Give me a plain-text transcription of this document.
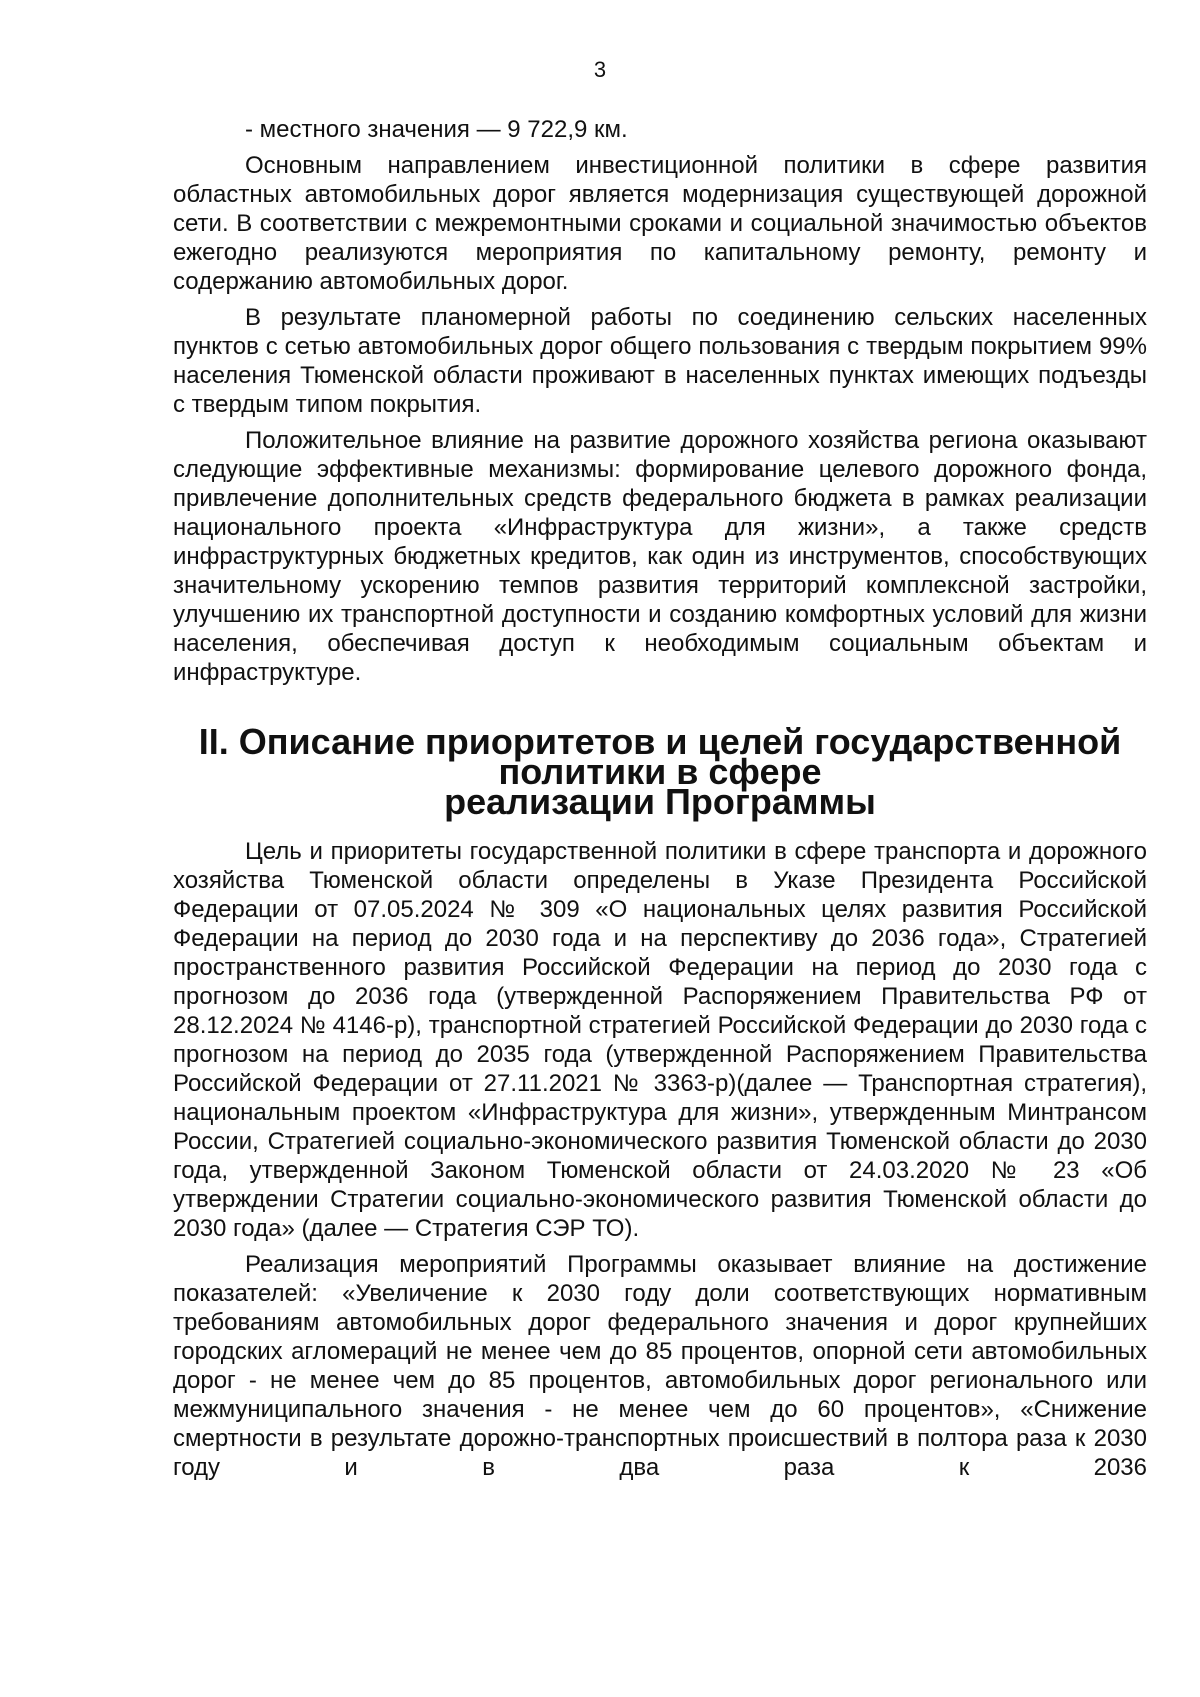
3

- местного значения — 9 722,9 км.

Основным направлением инвестиционной политики в сфере развития областных автомобильных дорог является модернизация существующей дорожной сети. В соответствии с межремонтными сроками и социальной значимостью объектов ежегодно реализуются мероприятия по капитальному ремонту, ремонту и содержанию автомобильных дорог.

В результате планомерной работы по соединению сельских населенных пунктов с сетью автомобильных дорог общего пользования с твердым покрытием 99% населения Тюменской области проживают в населенных пунктах имеющих подъезды с твердым типом покрытия.

Положительное влияние на развитие дорожного хозяйства региона оказывают следующие эффективные механизмы: формирование целевого дорожного фонда, привлечение дополнительных средств федерального бюджета в рамках реализации национального проекта «Инфраструктура для жизни», а также средств инфраструктурных бюджетных кредитов, как один из инструментов, способствующих значительному ускорению темпов развития территорий комплексной застройки, улучшению их транспортной доступности и созданию комфортных условий для жизни населения, обеспечивая доступ к необходимым социальным объектам и инфраструктуре.

II. Описание приоритетов и целей государственной политики в сфере
реализации Программы

Цель и приоритеты государственной политики в сфере транспорта и дорожного хозяйства Тюменской области определены в Указе Президента Российской Федерации от 07.05.2024 № 309 «О национальных целях развития Российской Федерации на период до 2030 года и на перспективу до 2036 года», Стратегией пространственного развития Российской Федерации на период до 2030 года с прогнозом до 2036 года (утвержденной Распоряжением Правительства РФ от 28.12.2024 № 4146-р), транспортной стратегией Российской Федерации до 2030 года с прогнозом на период до 2035 года (утвержденной Распоряжением Правительства Российской Федерации от 27.11.2021 № 3363-р)(далее — Транспортная стратегия), национальным проектом «Инфраструктура для жизни», утвержденным Минтрансом России, Стратегией социально-экономического развития Тюменской области до 2030 года, утвержденной Законом Тюменской области от 24.03.2020 № 23 «Об утверждении Стратегии социально-экономического развития Тюменской области до 2030 года» (далее — Стратегия СЭР ТО).

Реализация мероприятий Программы оказывает влияние на достижение показателей: «Увеличение к 2030 году доли соответствующих нормативным требованиям автомобильных дорог федерального значения и дорог крупнейших городских агломераций не менее чем до 85 процентов, опорной сети автомобильных дорог - не менее чем до 85 процентов, автомобильных дорог регионального или межмуниципального значения - не менее чем до 60 процентов», «Снижение смертности в результате дорожно-транспортных происшествий в полтора раза к 2030 году и в два раза к 2036
